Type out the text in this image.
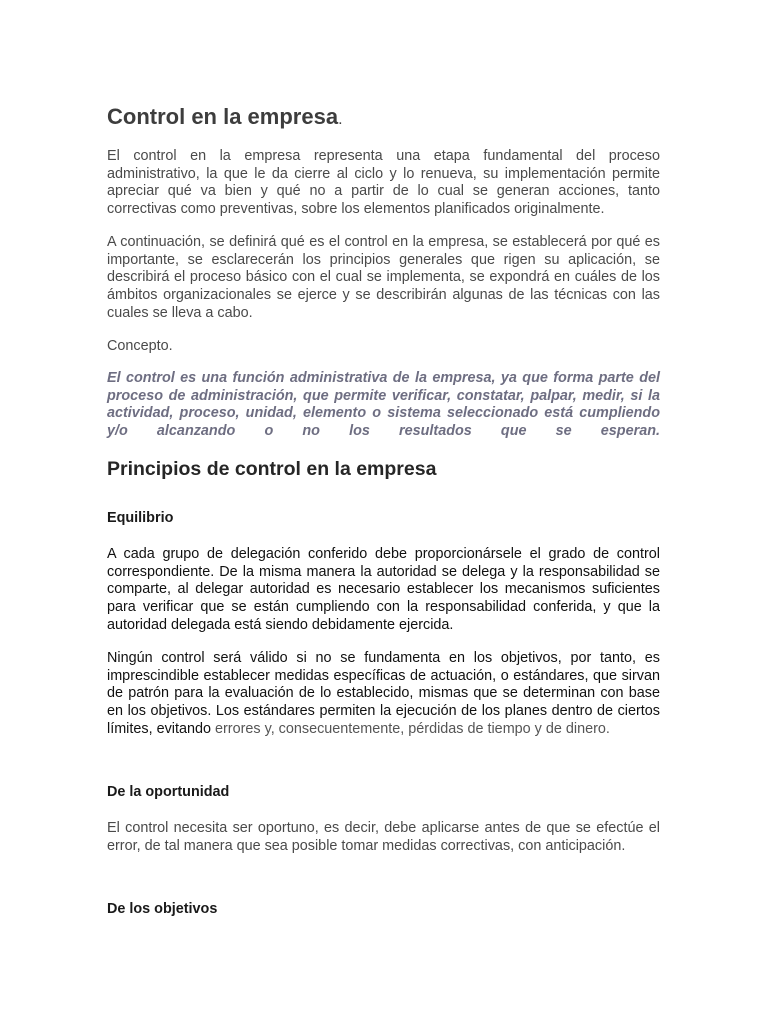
Control en la empresa.

El control en la empresa representa una etapa fundamental del proceso administrativo, la que le da cierre al ciclo y lo renueva, su implementación permite apreciar qué va bien y qué no a partir de lo cual se generan acciones, tanto correctivas como preventivas, sobre los elementos planificados originalmente.

A continuación, se definirá qué es el control en la empresa, se establecerá por qué es importante, se esclarecerán los principios generales que rigen su aplicación, se describirá el proceso básico con el cual se implementa, se expondrá en cuáles de los ámbitos organizacionales se ejerce y se describirán algunas de las técnicas con las cuales se lleva a cabo.

Concepto.

El control es una función administrativa de la empresa, ya que forma parte del proceso de administración, que permite verificar, constatar, palpar, medir, si la actividad, proceso, unidad, elemento o sistema seleccionado está cumpliendo y/o alcanzando o no los resultados que se esperan.

Principios de control en la empresa
Equilibrio

A cada grupo de delegación conferido debe proporcionársele el grado de control correspondiente. De la misma manera la autoridad se delega y la responsabilidad se comparte, al delegar autoridad es necesario establecer los mecanismos suficientes para verificar que se están cumpliendo con la responsabilidad conferida, y que la autoridad delegada está siendo debidamente ejercida.

Ningún control será válido si no se fundamenta en los objetivos, por tanto, es imprescindible establecer medidas específicas de actuación, o estándares, que sirvan de patrón para la evaluación de lo establecido, mismas que se determinan con base en los objetivos. Los estándares permiten la ejecución de los planes dentro de ciertos límites, evitando errores y, consecuentemente, pérdidas de tiempo y de dinero.

De la oportunidad

El control necesita ser oportuno, es decir, debe aplicarse antes de que se efectúe el error, de tal manera que sea posible tomar medidas correctivas, con anticipación.

De los objetivos
